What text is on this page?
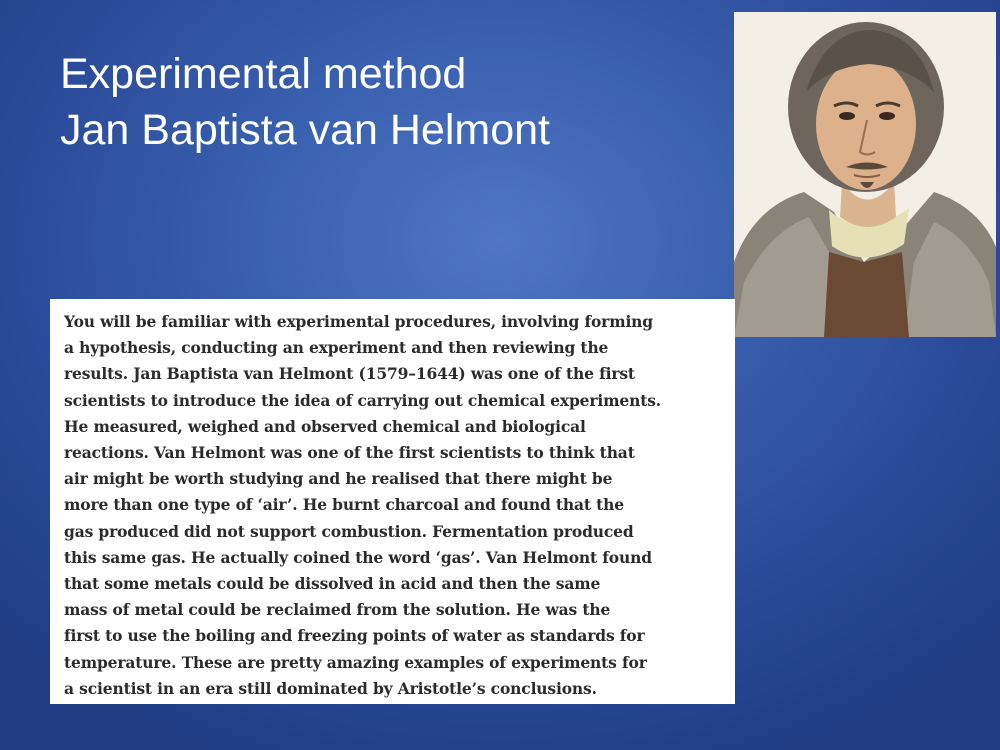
Experimental method
Jan Baptista van Helmont

You will be familiar with experimental procedures, involving forming
a hypothesis, conducting an experiment and then reviewing the
results. Jan Baptista van Helmont (1579–1644) was one of the first
scientists to introduce the idea of carrying out chemical experiments.
He measured, weighed and observed chemical and biological
reactions. Van Helmont was one of the first scientists to think that
air might be worth studying and he realised that there might be
more than one type of ‘air’. He burnt charcoal and found that the
gas produced did not support combustion. Fermentation produced
this same gas. He actually coined the word ‘gas’. Van Helmont found
that some metals could be dissolved in acid and then the same
mass of metal could be reclaimed from the solution. He was the
first to use the boiling and freezing points of water as standards for
temperature. These are pretty amazing examples of experiments for
a scientist in an era still dominated by Aristotle’s conclusions.
